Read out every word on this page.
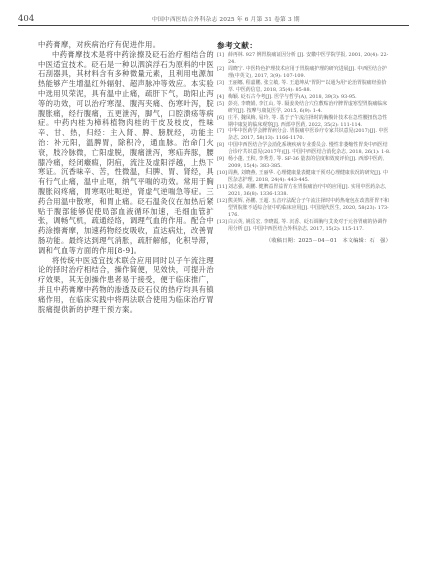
404	中国中西医结合外科杂志 2025 年 6 月第 31 卷第 3 期

中药膏摩，对疾病治疗有促进作用。

中药膏摩技术是将中药涂擦及砭石治疗相结合的中医适宜技术。砭石是一种以泗滨浮石为原料的中医石刮器具，其材料含有多种微量元素，且利用电源加热能够产生增温红外辐射、超声脉冲等效应。本实验中选用贝荣泥，具有温中止痛，疏肝下气，助阳止泻等的功效，可以治疗寒湿、腹泻夹痛、伤寒叶泻，脘腹胀痛，经行腹痛，五更泄泻，脚气，口腔溃疡等病症。中药内桂为樟科植物肉桂的干皮及枝皮，性味辛、甘、热，归经：主入肾、脾、膀胱经，功能主治：补元阳，温脾胃，除积冷，通血脉。治命门火衰，肢冷脉微，亡阳虚脱，腹痛泄泻，寒疝奔豚，腰膝冷痛，经闭癥瘕，阴疽，流注及虚阳浮越，上热下寒证。沉香味辛、苦，性微温，归脾、胃、肾经，具有行气止痛，温中止呕，纳气平喘的功效。常用于胸腹胀闷疼痛，胃寒呕吐呃逆，肾虚气逆喘急等症。三药合用温中散寒，和胃止痛。砭石温灸仪在加热后紧贴于腹部能够促使局部血液循环加速，毛细血管扩张，调畅气机，疏通经络，调理气血的作用。配合中药涂擦膏摩，加速药物经皮吸收，直达病灶，改善胃肠功能。最终达到理气消胀，疏肝解郁，化积导滞，调和气血等方面的作用[8-9]。

将传统中医适宜技术联合应用同时以子午流注理论的择时治疗相结合，操作简便，见效快，可提升治疗效果，其无创操作患者易于接受，便于临床推广，并且中药膏摩中药物的渗透及砭石仪的热疗均具有镇痛作用，在临床实践中将两法联合使用为临床治疗胃脘痛提供新的护理干预方案。

参考文献：
[1] 薛再林. 927 例胃脘痛证因分析 [J]. 安徽中医学院学报, 2001, 20(4): 22-24.
[2] 周晓宁. 中医特色护理技术应用于胃脘痛护理的研究进展[J]. 中西医结合护理(中英文), 2017, 3(9): 107-109.
[3] 王丽娜, 程嘉鹏, 张立敏, 等. 王道坤从"胃阴""以通为用"论治胃脘痛经验拾萃. 中医药信息, 2018, 35(4): 85-88.
[4] 梅颖. 砭石古今考[J]. 医学与哲学(A), 2018, 39(3): 93-95.
[5] 彭亮, 李晓娟, 李江山, 等. 隔姜灸结合穴位敷贴治疗脾胃虚寒型胃脘痛临床研究[J]. 按摩与康复医学, 2015, 6(9): 1-4.
[6] 庄平, 魏凤梅, 易玲, 等. 基于子午流注择时的胸腹针技术在急性腰扭伤急性期中康复的临床观察[J]. 西部中医药, 2022, 35(2): 111-114.
[7] 中华中医药学会脾胃病分会. 胃脘痛中医诊疗专家共识意见(2017)[J]. 中医杂志, 2017, 58(13): 1166-1170.
[8] 中国中西医结合学会消化系统疾病专业委员会. 慢性非萎缩性胃炎中西医结合诊疗共识意见(2017年)[J]. 中国中西医结合消化杂志, 2018, 26(1): 1-8.
[9] 杨小蓬, 王积, 李秀芳, 等. SF-36 量表的信度和效度评价[J]. 西部中医药, 2009, 15(4): 383-385.
[10] 周燕, 刘晓燕, 王丽华. 心理健康量表健康干预对心理健康状况的研究[J]. 中医杂志护理, 2018, 24(4): 443-445.
[11] 刘志强, 胡鹏. 健脾益胃益胃方在胃脘痛治疗中的应用[J]. 实用中医药杂志, 2021, 36(8): 1336-1338.
[12] 熊美辉, 孙鹏, 王超. 五音疗法配合子午流注择时中药热奄包在改善肝胃不和型胃脘胀不适综合征中的临床应用[J]. 中国现代医生, 2020, 58(23): 173-176.
[13] 白云英, 姚岳宏, 李晓霞, 等. 沉香、砭石调胸与艾灸对于元谷胃痛的协调作用分析 [J]. 中国中西医结合外科杂志, 2017, 15(2): 115-117.
（收稿日期：2025－04－01　本文编辑：石　强）
